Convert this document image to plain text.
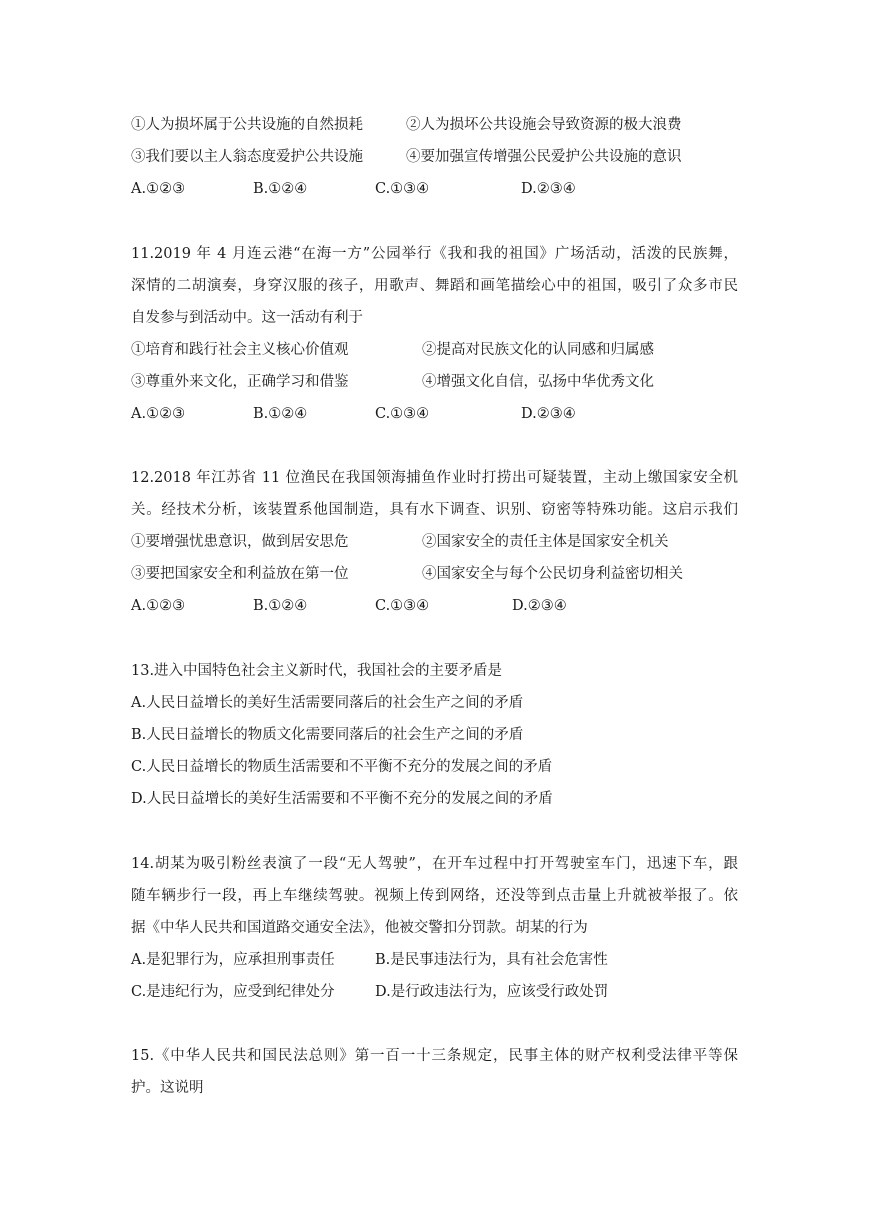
①人为损坏属于公共设施的自然损耗	②人为损坏公共设施会导致资源的极大浪费
③我们要以主人翁态度爱护公共设施	④要加强宣传增强公民爱护公共设施的意识
A.①②③	B.①②④	C.①③④	D.②③④
11.2019 年 4 月连云港“在海一方”公园举行《我和我的祖国》广场活动，活泼的民族舞，
深情的二胡演奏，身穿汉服的孩子，用歌声、舞蹈和画笔描绘心中的祖国，吸引了众多市民
自发参与到活动中。这一活动有利于
①培育和践行社会主义核心价值观	②提高对民族文化的认同感和归属感
③尊重外来文化，正确学习和借鉴	④增强文化自信，弘扬中华优秀文化
A.①②③	B.①②④	C.①③④	D.②③④
12.2018 年江苏省 11 位渔民在我国领海捕鱼作业时打捞出可疑装置，主动上缴国家安全机
关。经技术分析，该装置系他国制造，具有水下调查、识别、窃密等特殊功能。这启示我们
①要增强忧患意识，做到居安思危	②国家安全的责任主体是国家安全机关
③要把国家安全和利益放在第一位	④国家安全与每个公民切身利益密切相关
A.①②③	B.①②④	C.①③④	D.②③④
13.进入中国特色社会主义新时代，我国社会的主要矛盾是
A.人民日益增长的美好生活需要同落后的社会生产之间的矛盾
B.人民日益增长的物质文化需要同落后的社会生产之间的矛盾
C.人民日益增长的物质生活需要和不平衡不充分的发展之间的矛盾
D.人民日益增长的美好生活需要和不平衡不充分的发展之间的矛盾
14.胡某为吸引粉丝表演了一段“无人驾驶”，在开车过程中打开驾驶室车门，迅速下车，跟
随车辆步行一段，再上车继续驾驶。视频上传到网络，还没等到点击量上升就被举报了。依
据《中华人民共和国道路交通安全法》，他被交警扣分罚款。胡某的行为
A.是犯罪行为，应承担刑事责任	B.是民事违法行为，具有社会危害性
C.是违纪行为，应受到纪律处分	D.是行政违法行为，应该受行政处罚
15.《中华人民共和国民法总则》第一百一十三条规定，民事主体的财产权利受法律平等保
护。这说明
